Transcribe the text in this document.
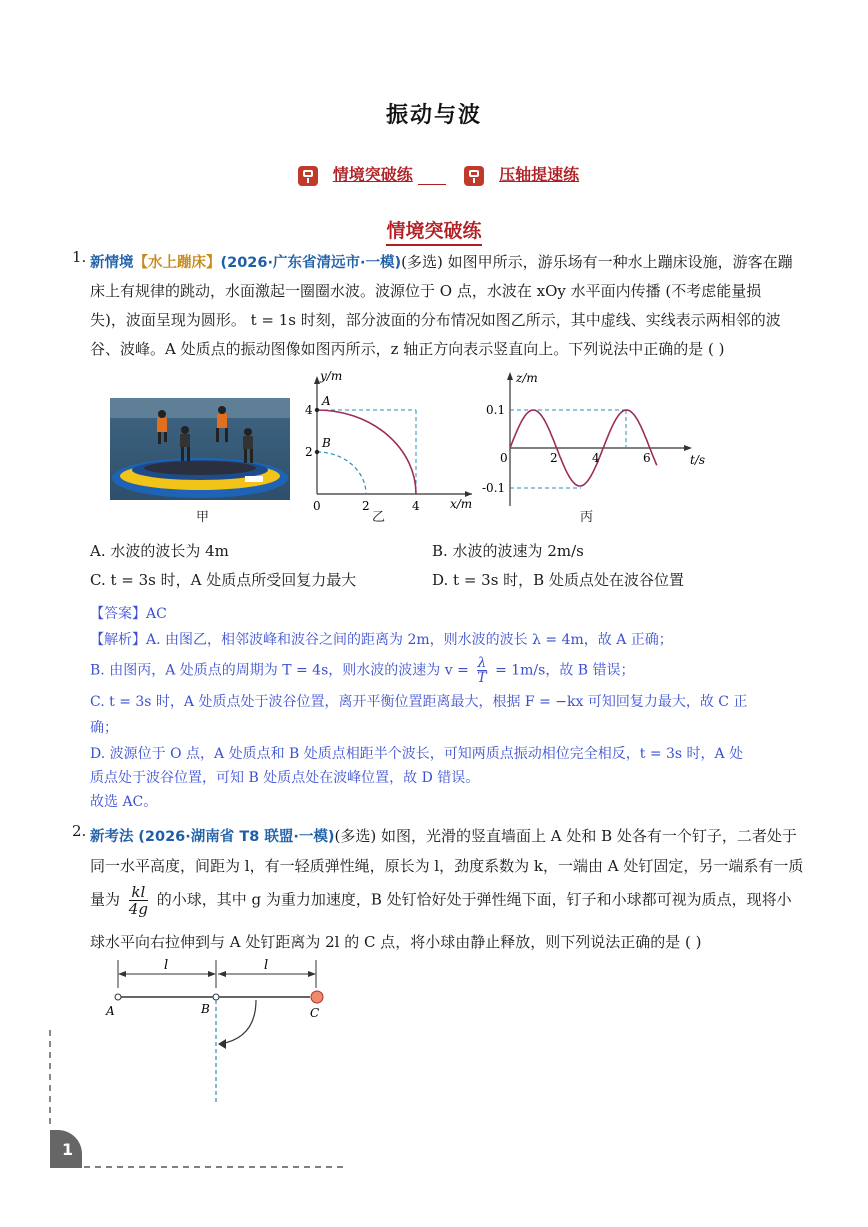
振动与波
情境突破练	压轴提速练
情境突破练
1. 新情境【水上蹦床】(2026·广东省清远市·一模)(多选) 如图甲所示，游乐场有一种水上蹦床设施，游客在蹦
床上有规律的跳动，水面激起一圈圈水波。波源位于 O 点，水波在 xOy 水平面内传播 (不考虑能量损
失)，波面呈现为圆形。 t = 1s 时刻，部分波面的分布情况如图乙所示，其中虚线、实线表示两相邻的波
谷、波峰。A 处质点的振动图像如图丙所示，z 轴正方向表示竖直向上。下列说法中正确的是 ( )
甲
y/m
x/m
4
2
0	2	4
A
B
乙
z/m
t/s
0.1
-0.1
0	2	4	6
丙
A. 水波的波长为 4m	B. 水波的波速为 2m/s
C. t = 3s 时，A 处质点所受回复力最大	D. t = 3s 时，B 处质点处在波谷位置
【答案】AC
【解析】A. 由图乙，相邻波峰和波谷之间的距离为 2m，则水波的波长 λ = 4m，故 A 正确；
B. 由图丙，A 处质点的周期为 T = 4s，则水波的波速为 $v = \frac{\lambda}{T} = 1m/s$，故 B 错误；
C. t = 3s 时，A 处质点处于波谷位置，离开平衡位置距离最大，根据 F = −kx 可知回复力最大，故 C 正
确；
D. 波源位于 O 点，A 处质点和 B 处质点相距半个波长，可知两质点振动相位完全相反，t = 3s 时，A 处
质点处于波谷位置，可知 B 处质点处在波峰位置，故 D 错误。
故选 AC。
2. 新考法 (2026·湖南省 T8 联盟·一模)(多选) 如图，光滑的竖直墙面上 A 处和 B 处各有一个钉子，二者处于
同一水平高度，间距为 l，有一轻质弹性绳，原长为 l，劲度系数为 k，一端由 A 处钉固定，另一端系有一质
量为 $\frac{kl}{4g}$ 的小球，其中 g 为重力加速度，B 处钉恰好处于弹性绳下面，钉子和小球都可视为质点，现将小
球水平向右拉伸到与 A 处钉距离为 2l 的 C 点，将小球由静止释放，则下列说法正确的是 ( )
l	l
A	B	C
1
